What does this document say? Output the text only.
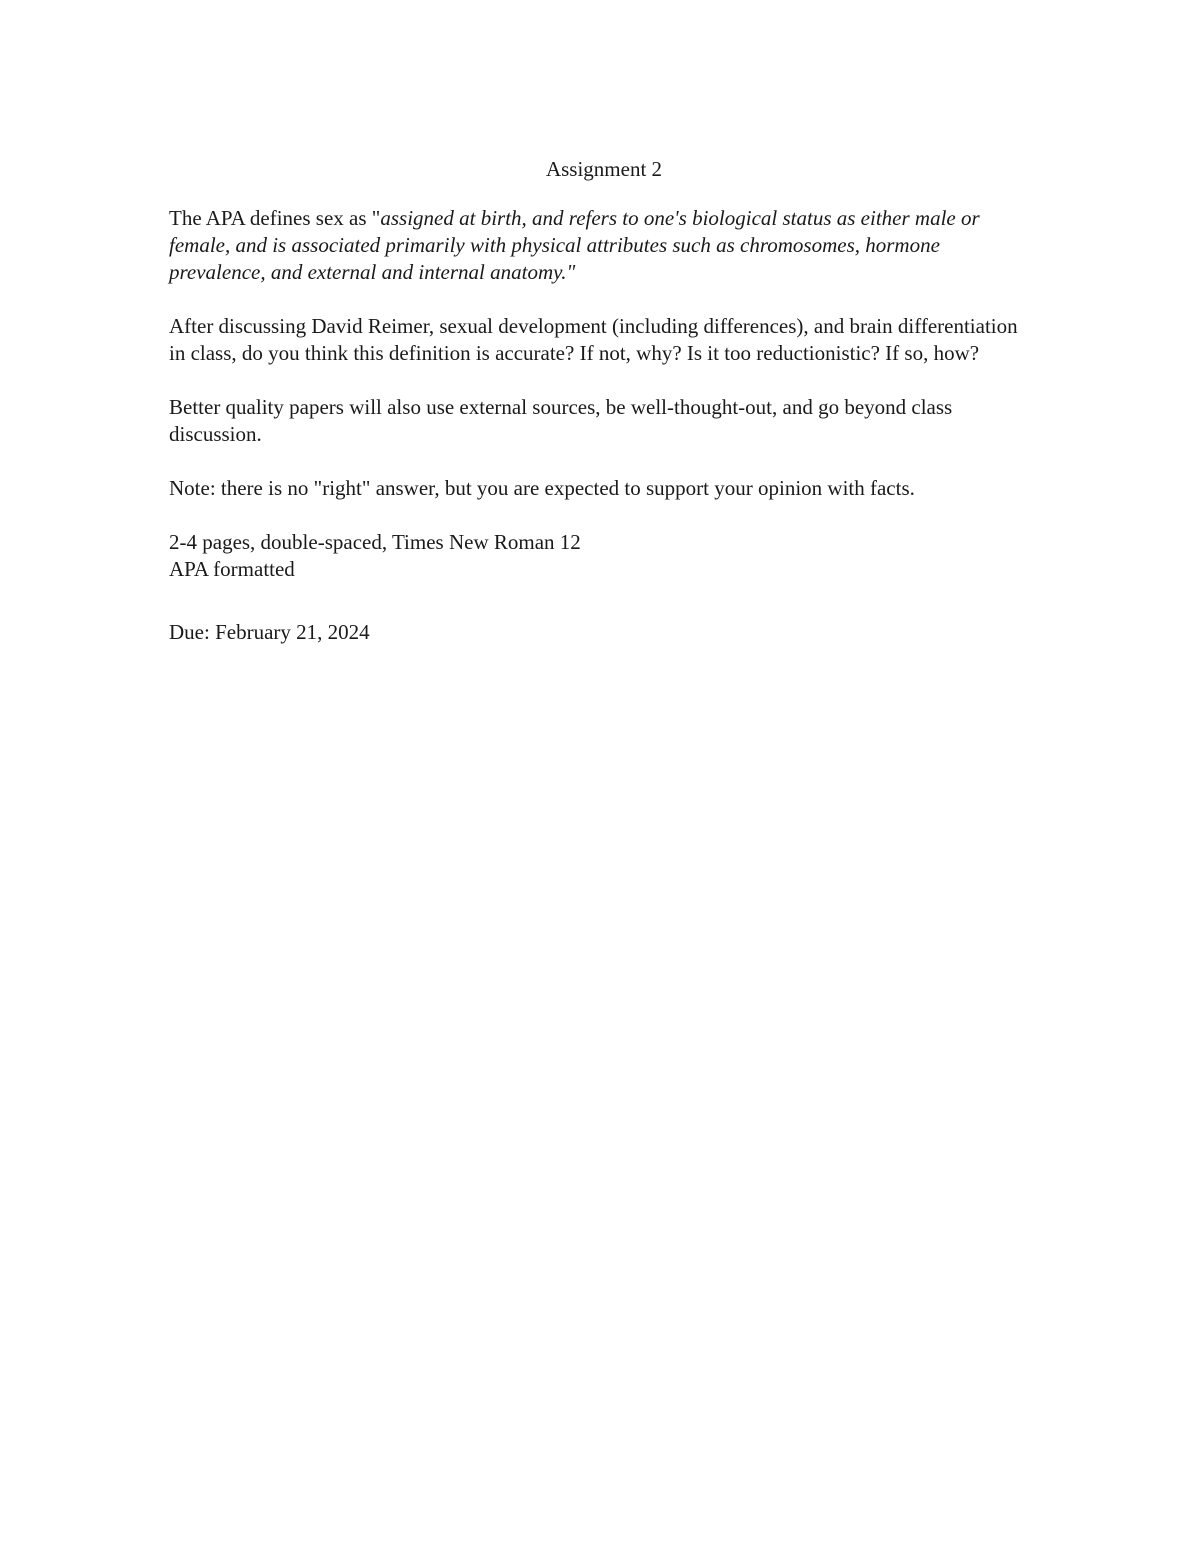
Assignment 2

The APA defines sex as "assigned at birth, and refers to one's biological status as either male or female, and is associated primarily with physical attributes such as chromosomes, hormone prevalence, and external and internal anatomy."

After discussing David Reimer, sexual development (including differences), and brain differentiation in class, do you think this definition is accurate? If not, why? Is it too reductionistic? If so, how?

Better quality papers will also use external sources, be well-thought-out, and go beyond class discussion.

Note: there is no "right" answer, but you are expected to support your opinion with facts.

2-4 pages, double-spaced, Times New Roman 12

APA formatted

Due: February 21, 2024
